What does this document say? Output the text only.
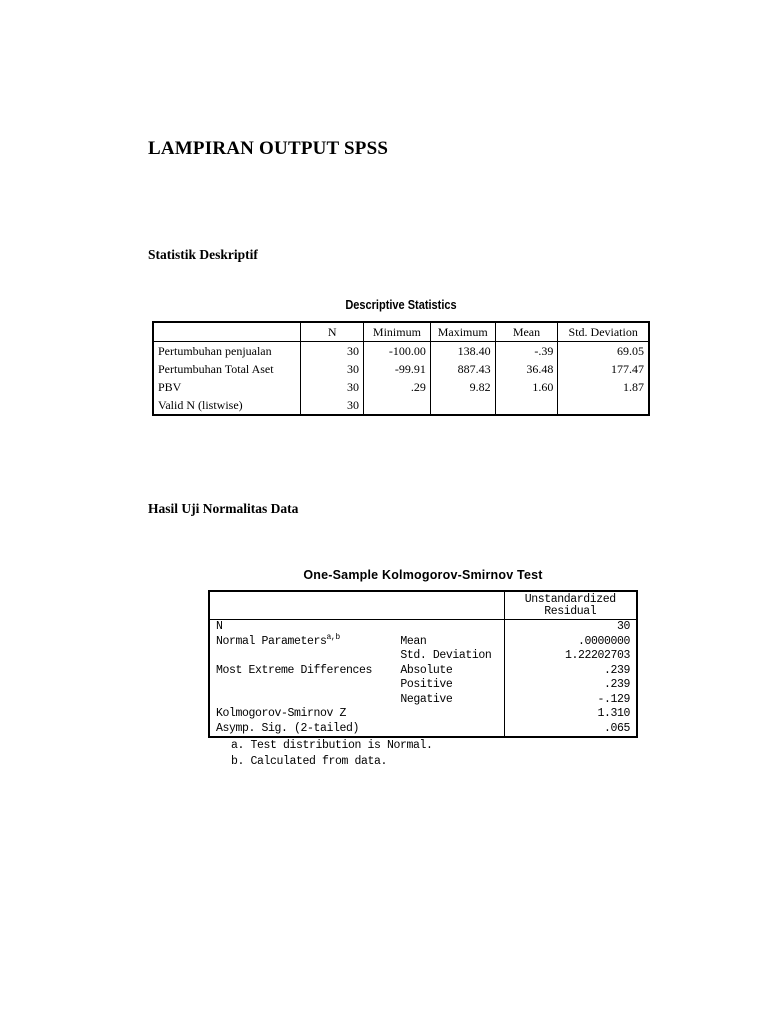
LAMPIRAN OUTPUT SPSS
Statistik Deskriptif
Descriptive Statistics
	N	Minimum	Maximum	Mean	Std. Deviation
Pertumbuhan penjualan	30	-100.00	138.40	-.39	69.05
Pertumbuhan Total Aset	30	-99.91	887.43	36.48	177.47
PBV	30	.29	9.82	1.60	1.87
Valid N (listwise)	30				
Hasil Uji Normalitas Data
One-Sample Kolmogorov-Smirnov Test
		Unstandardized
Residual
N		30
Normal Parameters$^{a,b}$	Mean	.0000000
	Std. Deviation	1.22202703
Most Extreme Differences	Absolute	.239
	Positive	.239
	Negative	-.129
Kolmogorov-Smirnov Z		1.310
Asymp. Sig. (2-tailed)		.065
a. Test distribution is Normal.
b. Calculated from data.
